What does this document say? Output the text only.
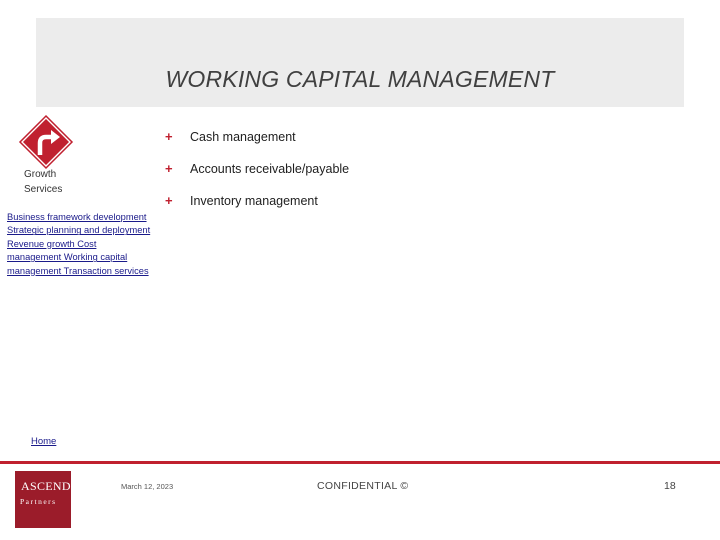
WORKING CAPITAL MANAGEMENT
Growth
Services
Business framework development Strategic planning and deployment Revenue growth Cost management Working capital management Transaction services
+	Cash management
+	Accounts receivable/payable
+	Inventory management
Home
ASCEND
Partners
March 12, 2023	CONFIDENTIAL ©	18
